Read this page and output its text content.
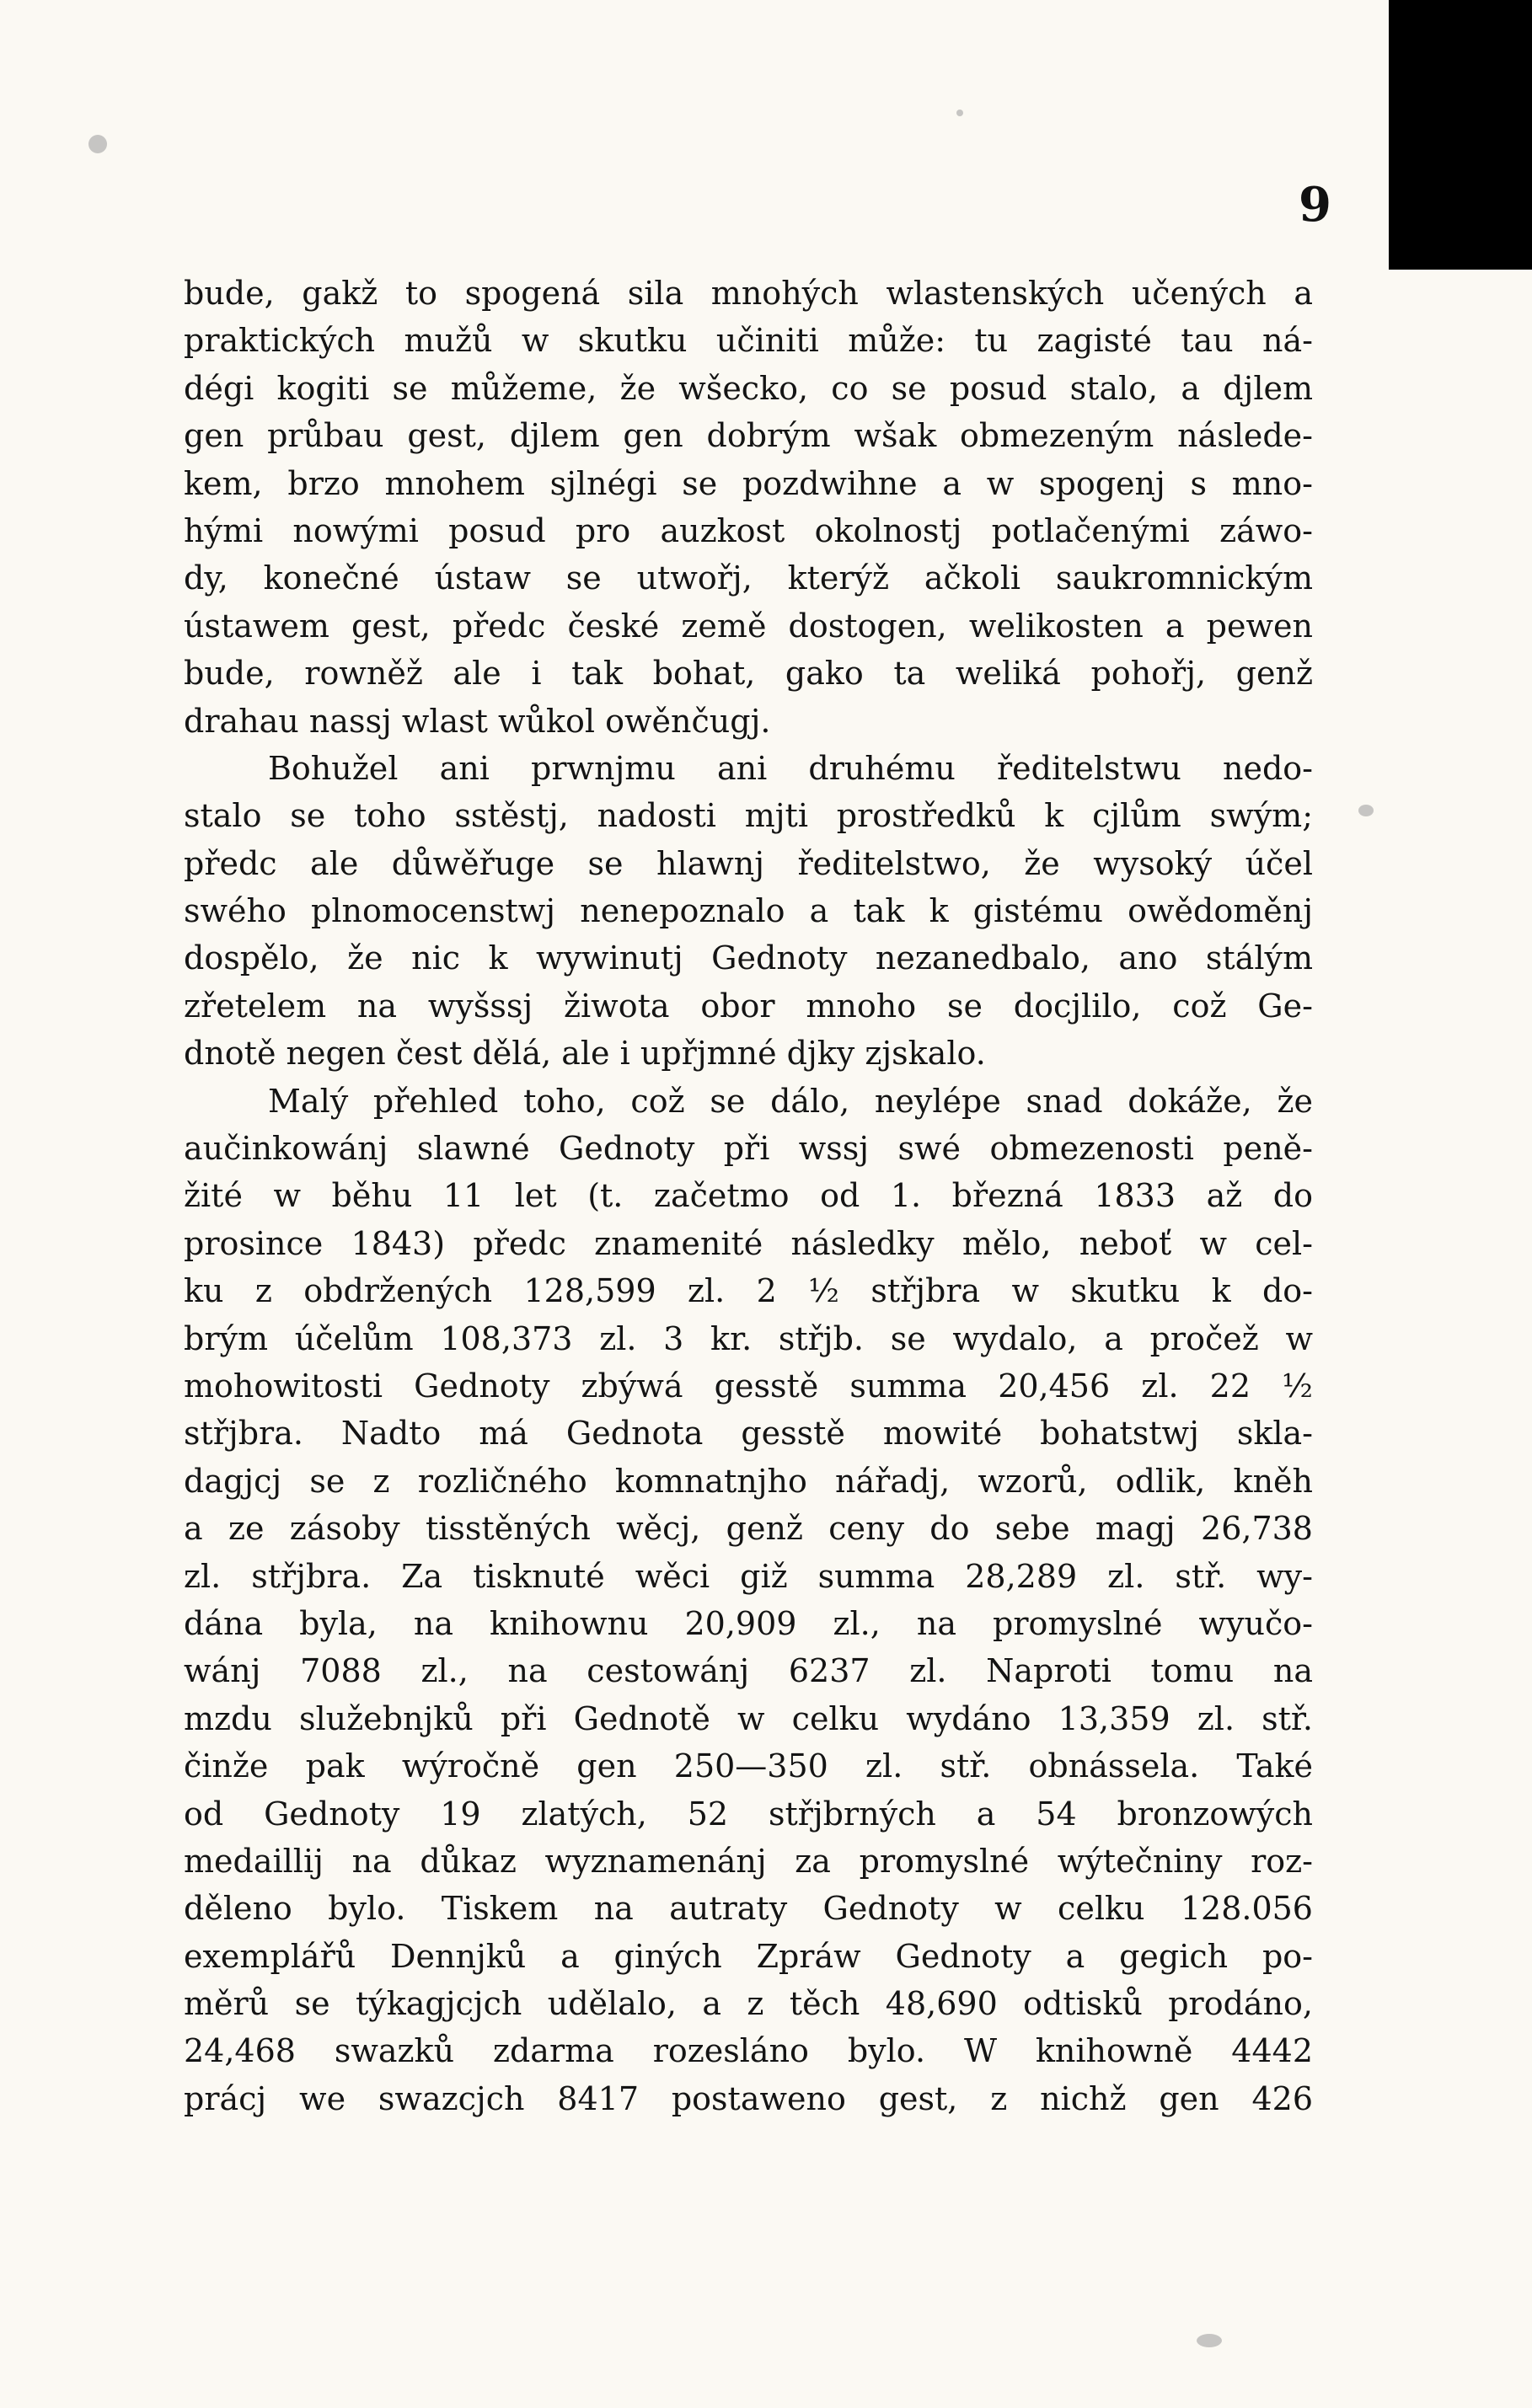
9
bude, gakž to spogená sila mnohých wlastenských učených a
praktických mužů w skutku učiniti může: tu zagisté tau ná-
dégi kogiti se můžeme, že wšecko, co se posud stalo, a djlem
gen průbau gest, djlem gen dobrým wšak obmezeným následe-
kem, brzo mnohem sjlnégi se pozdwihne a w spogenj s mno-
hými nowými posud pro auzkost okolnostj potlačenými záwo-
dy, konečné ústaw se utwořj, kterýž ačkoli saukromnickým
ústawem gest, předc české země dostogen, welikosten a pewen
bude, rowněž ale i tak bohat, gako ta weliká pohořj, genž
drahau nassj wlast wůkol owěnčugj.
Bohužel ani prwnjmu ani druhému ředitelstwu nedo-
stalo se toho sstěstj, nadosti mjti prostředků k cjlům swým;
předc ale důwěřuge se hlawnj ředitelstwo, že wysoký účel
swého plnomocenstwj nenepoznalo a tak k gistému owědoměnj
dospělo, že nic k wywinutj Gednoty nezanedbalo, ano stálým
zřetelem na wyšssj žiwota obor mnoho se docjlilo, což Ge-
dnotě negen čest dělá, ale i upřjmné djky zjskalo.
Malý přehled toho, což se dálo, neylépe snad dokáže, že
aučinkowánj slawné Gednoty při wssj swé obmezenosti peně-
žité w běhu 11 let (t. začetmo od 1. březná 1833 až do
prosince 1843) předc znamenité následky mělo, neboť w cel-
ku z obdržených 128,599 zl. 2 ½ střjbra w skutku k do-
brým účelům 108,373 zl. 3 kr. střjb. se wydalo, a pročež w
mohowitosti Gednoty zbýwá gesstě summa 20,456 zl. 22 ½
střjbra. Nadto má Gednota gesstě mowité bohatstwj skla-
dagjcj se z rozličného komnatnjho nářadj, wzorů, odlik, kněh
a ze zásoby tisstěných wěcj, genž ceny do sebe magj 26,738
zl. střjbra. Za tisknuté wěci giž summa 28,289 zl. stř. wy-
dána byla, na knihownu 20,909 zl., na promyslné wyučo-
wánj 7088 zl., na cestowánj 6237 zl. Naproti tomu na
mzdu služebnjků při Gednotě w celku wydáno 13,359 zl. stř.
činže pak wýročně gen 250—350 zl. stř. obnássela. Také
od Gednoty 19 zlatých, 52 střjbrných a 54 bronzowých
medaillij na důkaz wyznamenánj za promyslné wýtečniny roz-
děleno bylo. Tiskem na autraty Gednoty w celku 128.056
exemplářů Dennjků a giných Zpráw Gednoty a gegich po-
měrů se týkagjcjch udělalo, a z těch 48,690 odtisků prodáno,
24,468 swazků zdarma rozesláno bylo. W knihowně 4442
prácj we swazcjch 8417 postaweno gest, z nichž gen 426
